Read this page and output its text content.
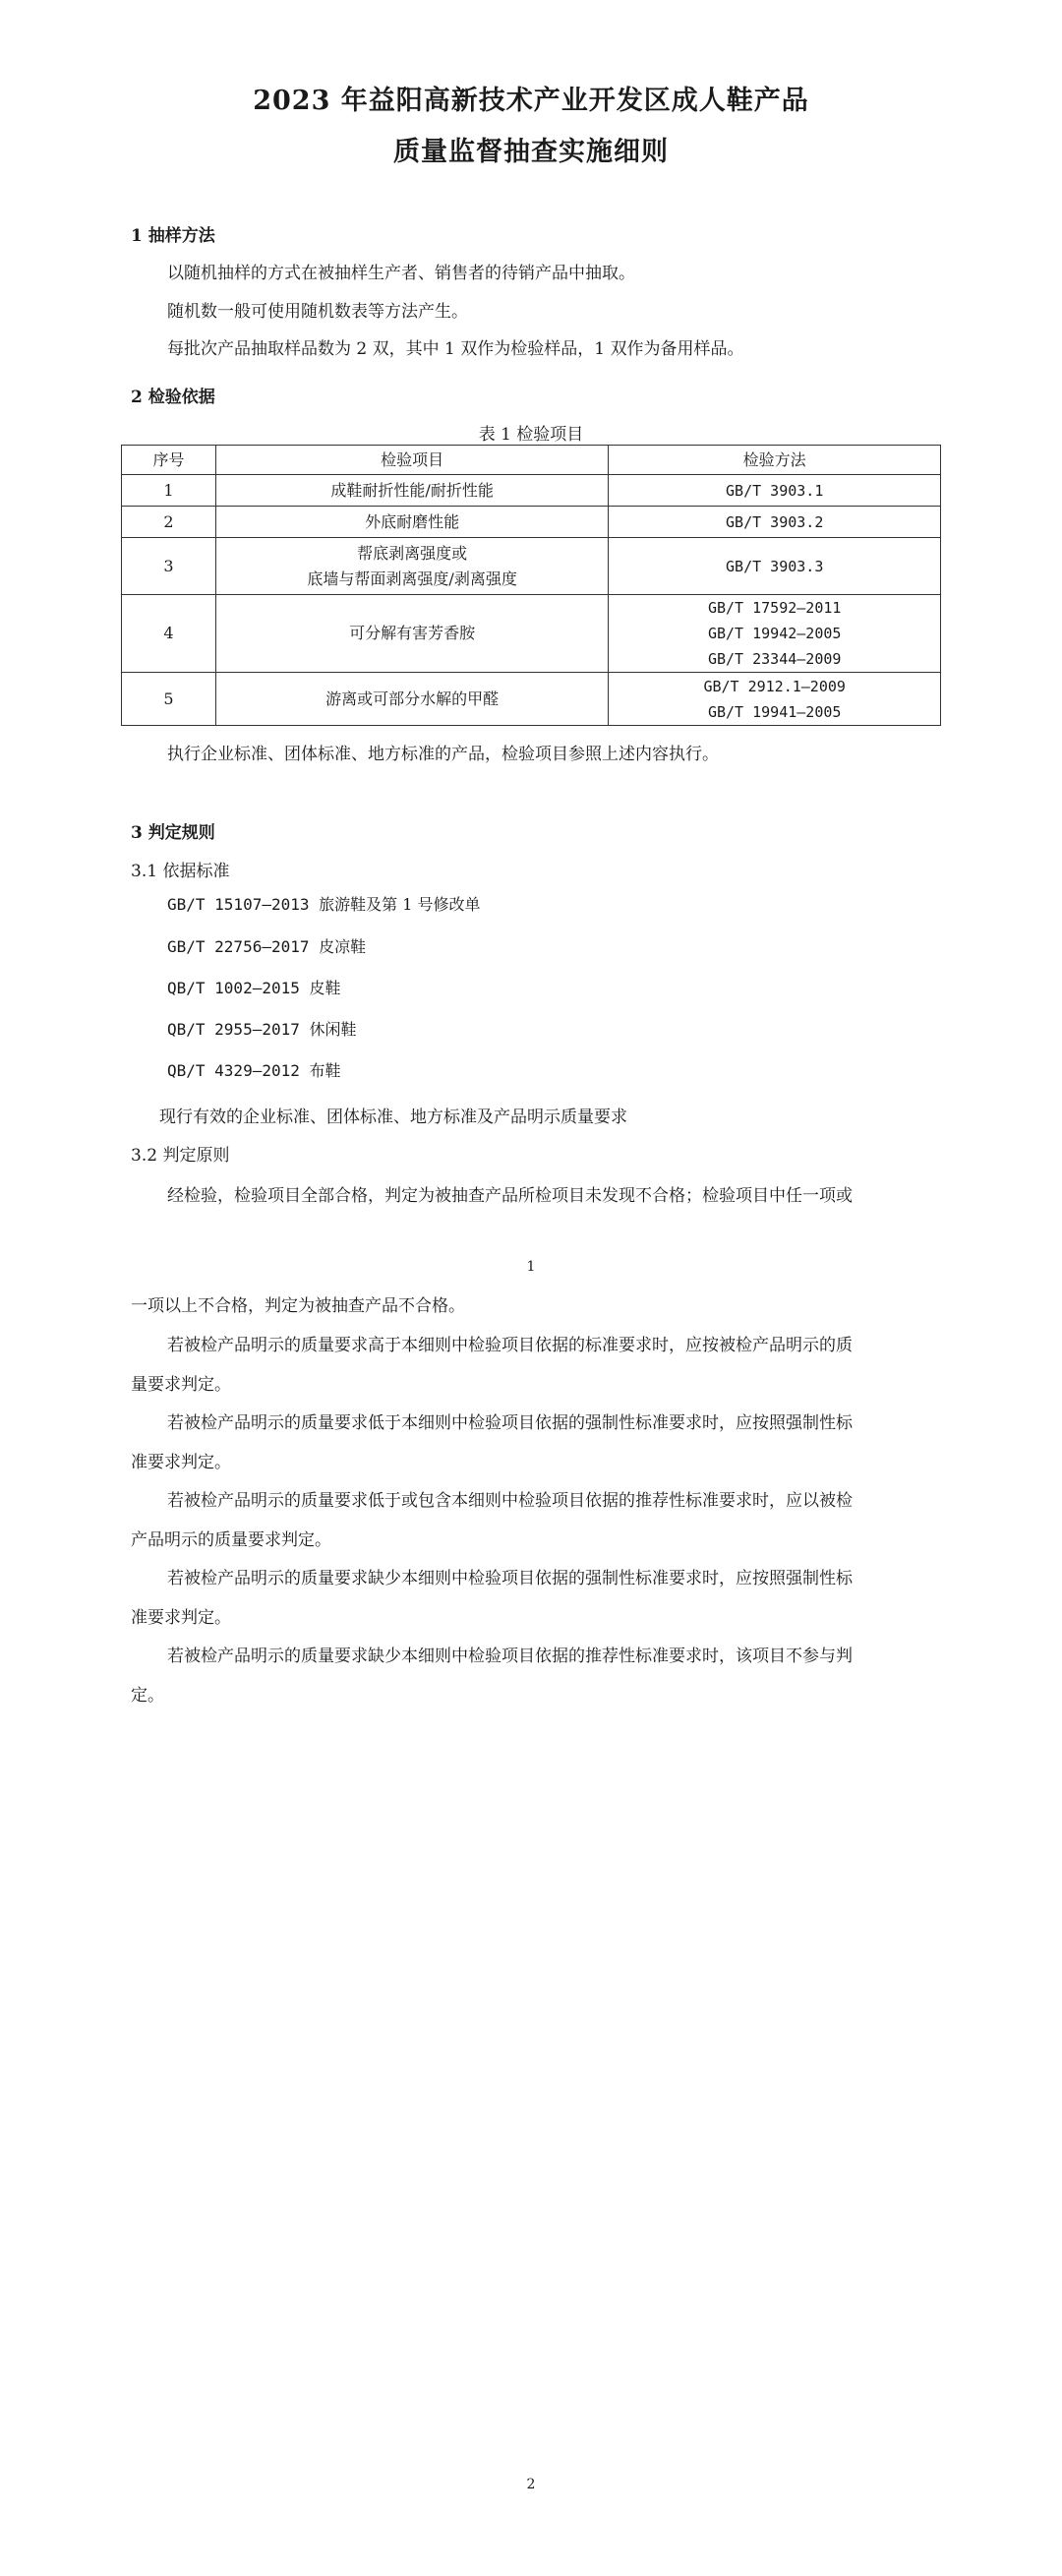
2023 年益阳高新技术产业开发区成人鞋产品
质量监督抽查实施细则
1 抽样方法
以随机抽样的方式在被抽样生产者、销售者的待销产品中抽取。
随机数一般可使用随机数表等方法产生。
每批次产品抽取样品数为 2 双，其中 1 双作为检验样品，1 双作为备用样品。
2 检验依据
表 1 检验项目
序号	检验项目	检验方法
1	成鞋耐折性能/耐折性能	GB/T 3903.1

2	外底耐磨性能	GB/T 3903.2

3	帮底剥离强度或
底墙与帮面剥离强度/剥离强度	GB/T 3903.3

4	可分解有害芳香胺	GB/T 17592—2011
GB/T 19942—2005
GB/T 23344—2009

5	游离或可部分水解的甲醛	GB/T 2912.1—2009
GB/T 19941—2005
执行企业标准、团体标准、地方标准的产品，检验项目参照上述内容执行。
3 判定规则
3.1 依据标准
GB/T 15107—2013 旅游鞋及第 1 号修改单
GB/T 22756—2017 皮凉鞋
QB/T 1002—2015 皮鞋
QB/T 2955—2017 休闲鞋
QB/T 4329—2012 布鞋
现行有效的企业标准、团体标准、地方标准及产品明示质量要求
3.2 判定原则
经检验，检验项目全部合格，判定为被抽查产品所检项目未发现不合格；检验项目中任一项或
1
一项以上不合格，判定为被抽查产品不合格。
若被检产品明示的质量要求高于本细则中检验项目依据的标准要求时，应按被检产品明示的质
量要求判定。
若被检产品明示的质量要求低于本细则中检验项目依据的强制性标准要求时，应按照强制性标
准要求判定。
若被检产品明示的质量要求低于或包含本细则中检验项目依据的推荐性标准要求时，应以被检
产品明示的质量要求判定。
若被检产品明示的质量要求缺少本细则中检验项目依据的强制性标准要求时，应按照强制性标
准要求判定。
若被检产品明示的质量要求缺少本细则中检验项目依据的推荐性标准要求时，该项目不参与判
定。
2
